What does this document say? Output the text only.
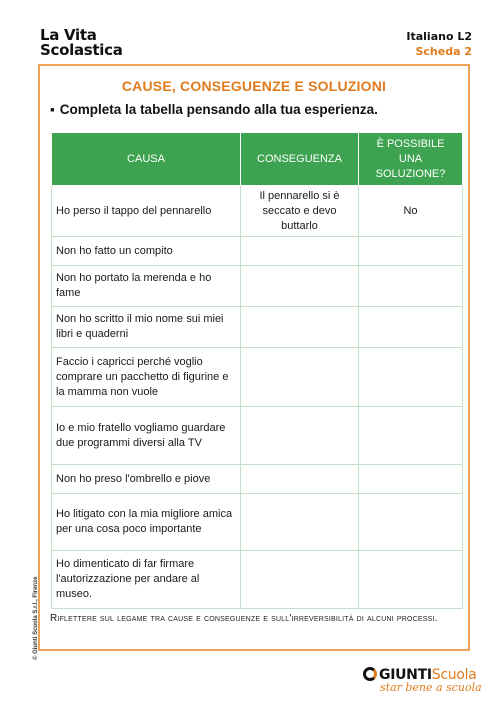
La Vita
Scolastica
Italiano L2
Scheda 2
CAUSE, CONSEGUENZE E SOLUZIONI
▪ Completa la tabella pensando alla tua esperienza.
CAUSA	CONSEGUENZA	È POSSIBILE UNA SOLUZIONE?
Ho perso il tappo del pennarello	Il pennarello si è seccato e devo buttarlo	No
Non ho fatto un compito		
Non ho portato la merenda e ho fame		
Non ho scritto il mio nome sui miei libri e quaderni		
Faccio i capricci perché voglio comprare un pacchetto di figurine e la mamma non vuole		
Io e mio fratello vogliamo guardare due programmi diversi alla TV		
Non ho preso l'ombrello e piove		
Ho litigato con la mia migliore amica per una cosa poco importante		
Ho dimenticato di far firmare l'autorizzazione per andare al museo.		
Riflettere sul legame tra cause e conseguenze e sull'irreversibilità di alcuni processi.
© Giunti Scuola S.r.l., Firenze
GIUNTIScuola
star bene a scuola
